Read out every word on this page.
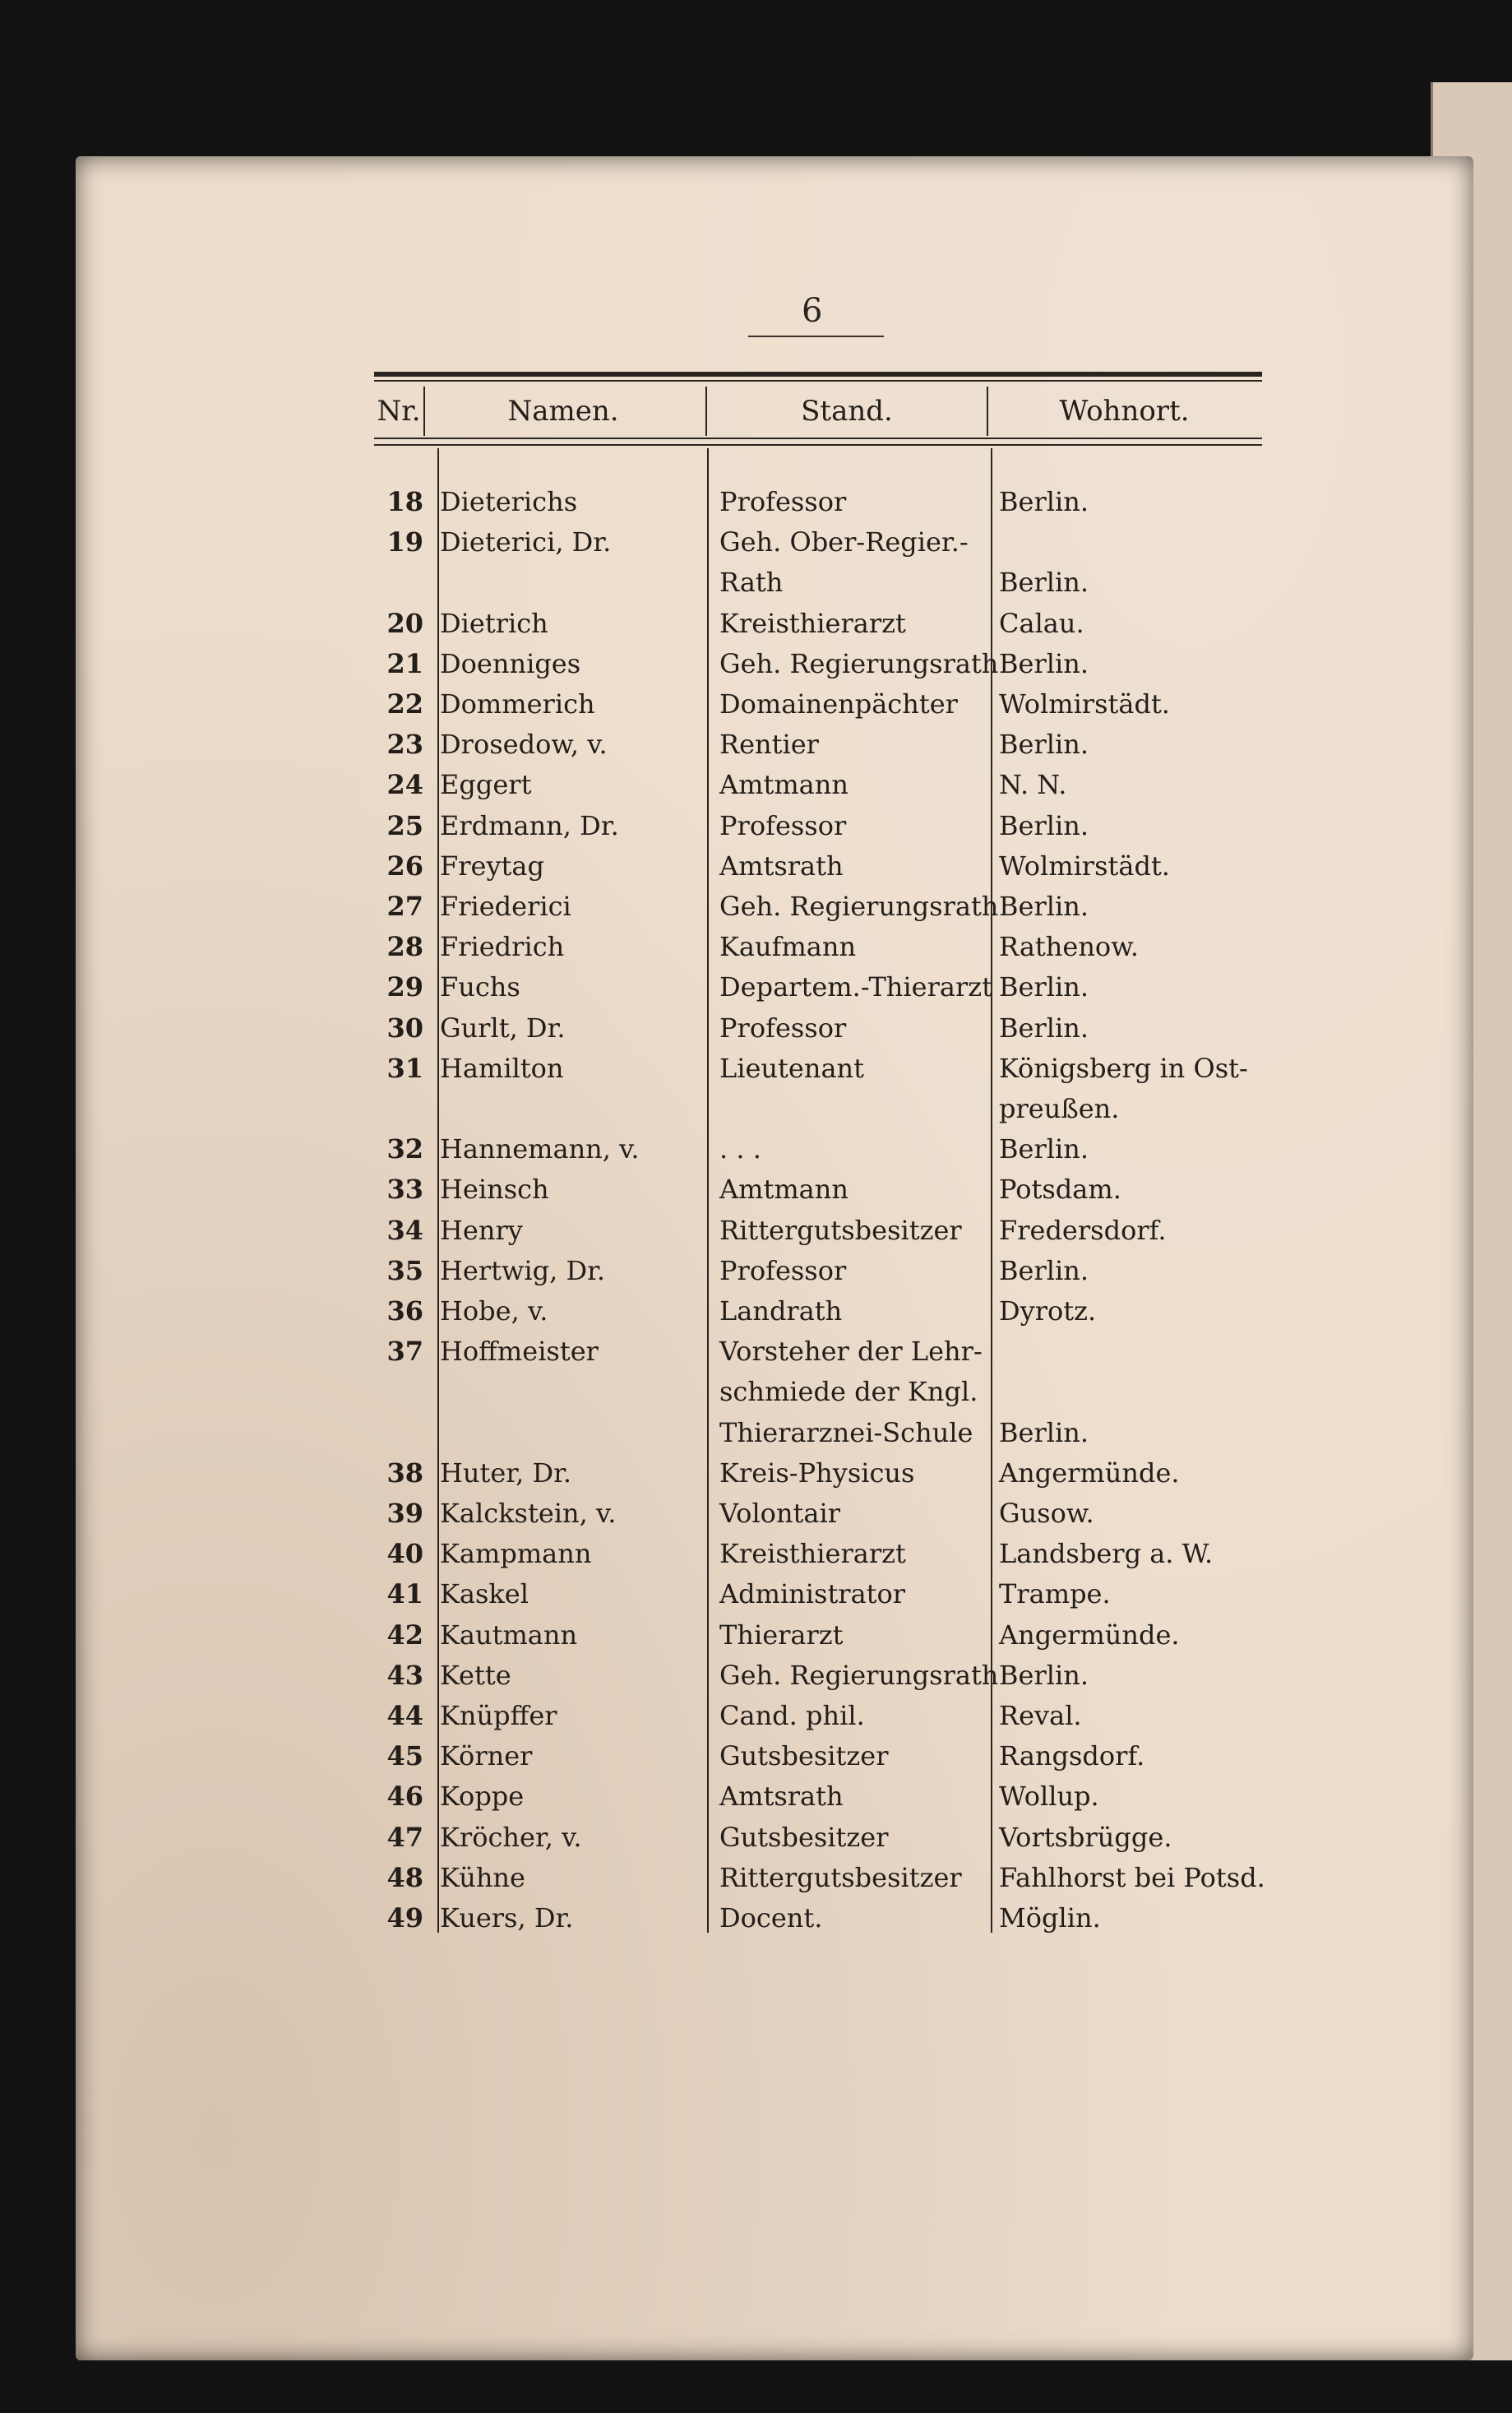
6
Nr.	Namen.	Stand.	Wohnort.
18 Dieterichs	Professor	Berlin.
19 Dieterici, Dr.	Geh. Ober-Regier.-
Rath	Berlin.
20 Dietrich	Kreisthierarzt	Calau.
21 Doenniges	Geh. Regierungsrath Berlin.
22 Dommerich	Domainenpächter Wolmirstädt.
23 Drosedow, v.	Rentier	Berlin.
24 Eggert	Amtmann	N. N.
25 Erdmann, Dr.	Professor	Berlin.
26 Freytag	Amtsrath	Wolmirstädt.
27 Friederici	Geh. Regierungsrath Berlin.
28 Friedrich	Kaufmann	Rathenow.
29 Fuchs	Departem.-Thierarzt Berlin.
30 Gurlt, Dr.	Professor	Berlin.
31 Hamilton	Lieutenant	Königsberg in Ost-
preußen.
32 Hannemann, v.	. . .	Berlin.
33 Heinsch	Amtmann	Potsdam.
34 Henry	Rittergutsbesitzer Fredersdorf.
35 Hertwig, Dr.	Professor	Berlin.
36 Hobe, v.	Landrath	Dyrotz.
37 Hoffmeister	Vorsteher der Lehr-
schmiede der Kngl.
Thierarznei-Schule Berlin.
38 Huter, Dr.	Kreis-Physicus	Angermünde.
39 Kalckstein, v.	Volontair	Gusow.
40 Kampmann	Kreisthierarzt	Landsberg a. W.
41 Kaskel	Administrator	Trampe.
42 Kautmann	Thierarzt	Angermünde.
43 Kette	Geh. Regierungsrath Berlin.
44 Knüpffer	Cand. phil.	Reval.
45 Körner	Gutsbesitzer	Rangsdorf.
46 Koppe	Amtsrath	Wollup.
47 Kröcher, v.	Gutsbesitzer	Vortsbrügge.
48 Kühne	Rittergutsbesitzer Fahlhorst bei Potsd.
49 Kuers, Dr.	Docent.	Möglin.
